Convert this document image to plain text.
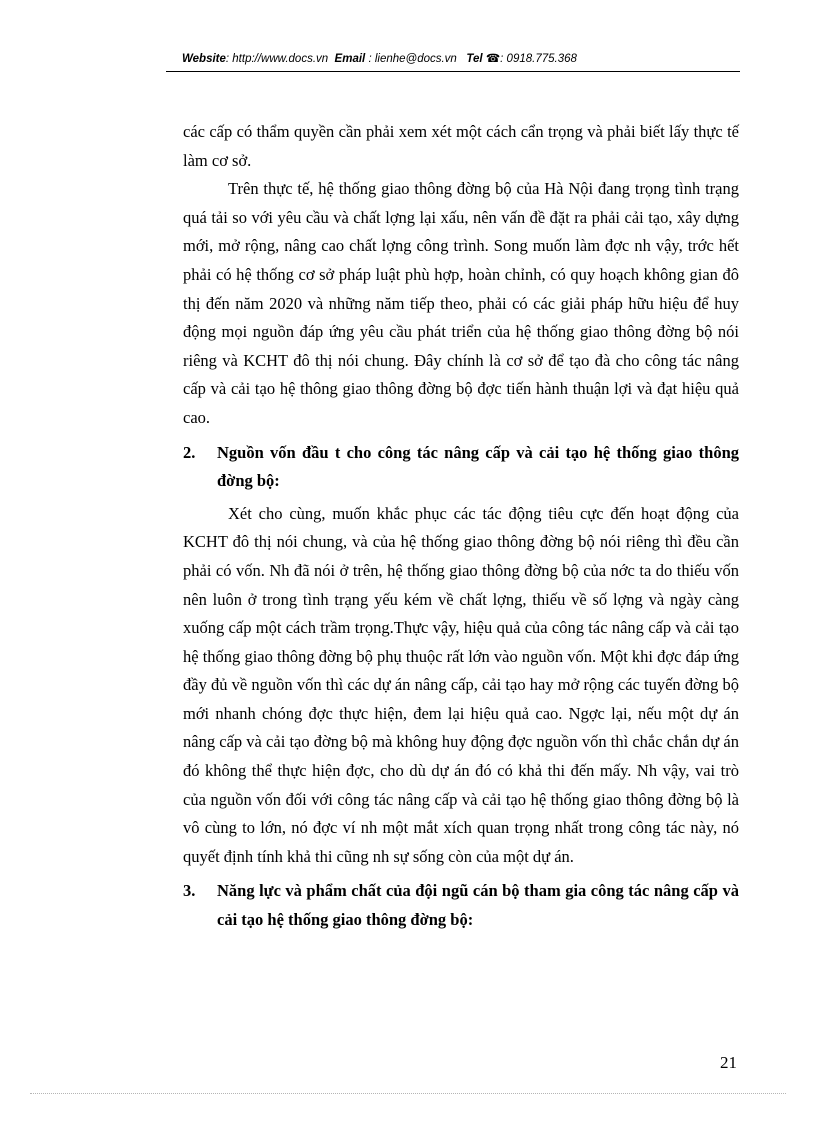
Website: http://www.docs.vn Email : lienhe@docs.vn Tel ☎: 0918.775.368

các cấp có thẩm quyền cần phải xem xét một cách cẩn trọng và phải biết lấy thực tế làm cơ sở.

Trên thực tế, hệ thống giao thông đờng bộ của Hà Nội đang trọng tình trạng quá tải so với yêu cầu và chất lợng lại xấu, nên vấn đề đặt ra phải cải tạo, xây dựng mới, mở rộng, nâng cao chất lợng công trình. Song muốn làm đợc nh vậy, trớc hết phải có hệ thống cơ sở pháp luật phù hợp, hoàn chỉnh, có quy hoạch không gian đô thị đến năm 2020 và những năm tiếp theo, phải có các giải pháp hữu hiệu để huy động mọi nguồn đáp ứng yêu cầu phát triển của hệ thống giao thông đờng bộ nói riêng và KCHT đô thị nói chung. Đây chính là cơ sở để tạo đà cho công tác nâng cấp và cải tạo hệ thông giao thông đờng bộ đợc tiến hành thuận lợi và đạt hiệu quả cao.

2.	Nguồn vốn đầu t cho công tác nâng cấp và cải tạo hệ thống giao thông đờng bộ:

Xét cho cùng, muốn khắc phục các tác động tiêu cực đến hoạt động của KCHT đô thị nói chung, và của hệ thống giao thông đờng bộ nói riêng thì đều cần phải có vốn. Nh đã nói ở trên, hệ thống giao thông đờng bộ của nớc ta do thiếu vốn nên luôn ở trong tình trạng yếu kém về chất lợng, thiếu về số lợng và ngày càng xuống cấp một cách trầm trọng.Thực vậy, hiệu quả của công tác nâng cấp và cải tạo hệ thống giao thông đờng bộ phụ thuộc rất lớn vào nguồn vốn. Một khi đợc đáp ứng đầy đủ về nguồn vốn thì các dự án nâng cấp, cải tạo hay mở rộng các tuyến đờng bộ mới nhanh chóng đợc thực hiện, đem lại hiệu quả cao. Ngợc lại, nếu một dự án nâng cấp và cải tạo đờng bộ mà không huy động đợc nguồn vốn thì chắc chắn dự án đó không thể thực hiện đợc, cho dù dự án đó có khả thi đến mấy. Nh vậy, vai trò của nguồn vốn đối với công tác nâng cấp và cải tạo hệ thống giao thông đờng bộ là vô cùng to lớn, nó đợc ví nh một mắt xích quan trọng nhất trong công tác này, nó quyết định tính khả thi cũng nh sự sống còn của một dự án.

3.	Năng lực và phẩm chất của đội ngũ cán bộ tham gia công tác nâng cấp và cải tạo hệ thống giao thông đờng bộ:
21
